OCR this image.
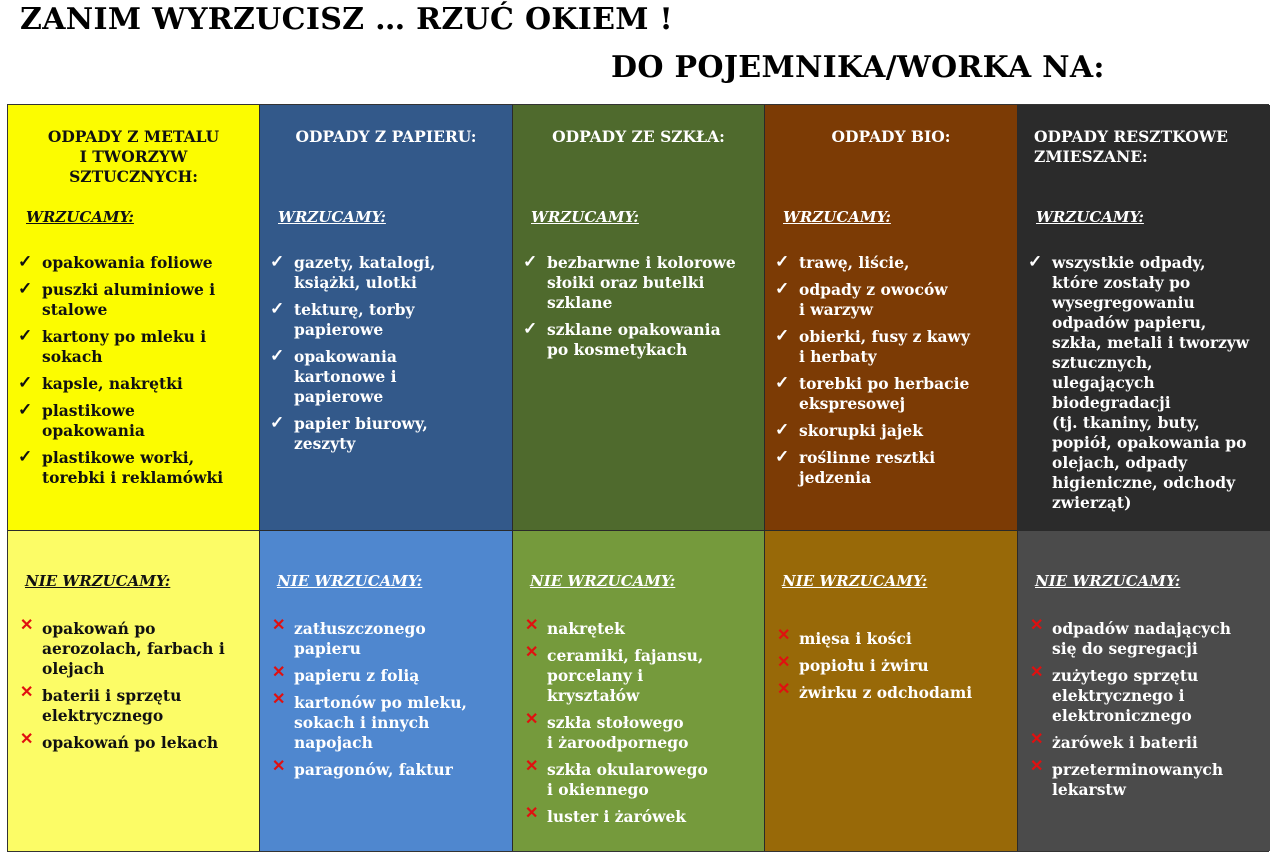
ZANIM WYRZUCISZ … RZUĆ OKIEM !
DO POJEMNIKA/WORKA NA:
ODPADY Z METALU
I TWORZYW
SZTUCZNYCH:
WRZUCAMY:
✓ opakowania foliowe
✓ puszki aluminiowe i
stalowe
✓ kartony po mleku i
sokach
✓ kapsle, nakrętki
✓ plastikowe
opakowania
✓ plastikowe worki,
torebki i reklamówki
ODPADY Z PAPIERU:
WRZUCAMY:
✓ gazety, katalogi,
książki, ulotki
✓ tekturę, torby
papierowe
✓ opakowania
kartonowe i
papierowe
✓ papier biurowy,
zeszyty
ODPADY ZE SZKŁA:
WRZUCAMY:
✓ bezbarwne i kolorowe
słoiki oraz butelki
szklane
✓ szklane opakowania
po kosmetykach
ODPADY BIO:
WRZUCAMY:
✓ trawę, liście,
✓ odpady z owoców
i warzyw
✓ obierki, fusy z kawy
i herbaty
✓ torebki po herbacie
ekspresowej
✓ skorupki jajek
✓ roślinne resztki
jedzenia
ODPADY RESZTKOWE
ZMIESZANE:
WRZUCAMY:
✓ wszystkie odpady,
które zostały po
wysegregowaniu
odpadów papieru,
szkła, metali i tworzyw
sztucznych,
ulegających
biodegradacji
(tj. tkaniny, buty,
popiół, opakowania po
olejach, odpady
higieniczne, odchody
zwierząt)
NIE WRZUCAMY:
✕ opakowań po
aerozolach, farbach i
olejach
✕ baterii i sprzętu
elektrycznego
✕ opakowań po lekach
NIE WRZUCAMY:
✕ zatłuszczonego
papieru
✕ papieru z folią
✕ kartonów po mleku,
sokach i innych
napojach
✕ paragonów, faktur
NIE WRZUCAMY:
✕ nakrętek
✕ ceramiki, fajansu,
porcelany i
kryształów
✕ szkła stołowego
i żaroodpornego
✕ szkła okularowego
i okiennego
✕ luster i żarówek
NIE WRZUCAMY:
✕ mięsa i kości
✕ popiołu i żwiru
✕ żwirku z odchodami
NIE WRZUCAMY:
✕ odpadów nadających
się do segregacji
✕ zużytego sprzętu
elektrycznego i
elektronicznego
✕ żarówek i baterii
✕ przeterminowanych
lekarstw
